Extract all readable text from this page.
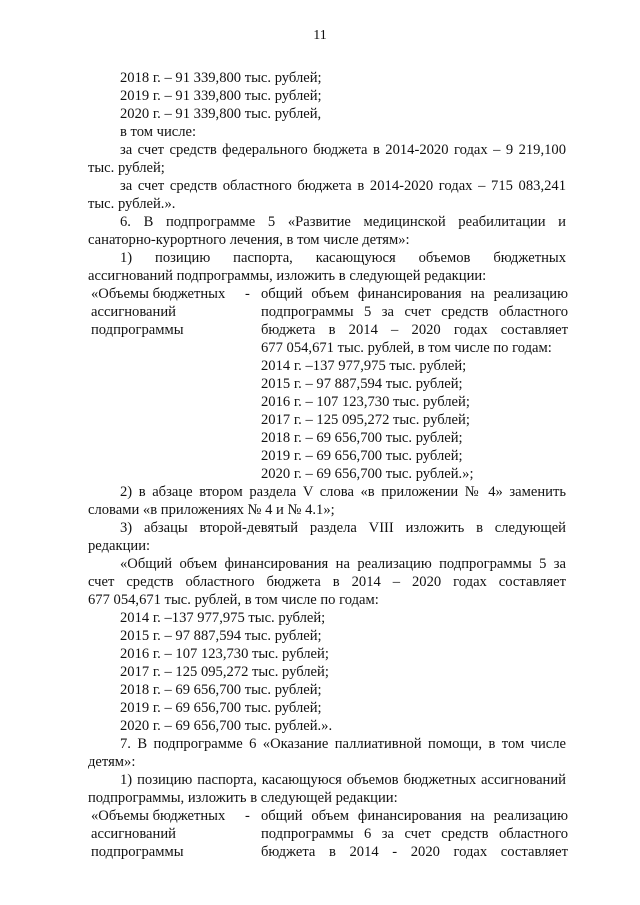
11
2018 г. – 91 339,800 тыс. рублей;
2019 г. – 91 339,800 тыс. рублей;
2020 г. – 91 339,800 тыс. рублей,
в том числе:
за счет средств федерального бюджета в 2014-2020 годах – 9 219,100
тыс. рублей;
за счет средств областного бюджета в 2014-2020 годах – 715 083,241
тыс. рублей.».
6. В подпрограмме 5 «Развитие медицинской реабилитации и
санаторно-курортного лечения, в том числе детям»:
1) позицию паспорта, касающуюся объемов бюджетных
ассигнований подпрограммы, изложить в следующей редакции:
«Объемы бюджетных
ассигнований
подпрограммы
- общий объем финансирования на реализацию
подпрограммы 5 за счет средств областного
бюджета в 2014 – 2020 годах составляет
677 054,671 тыс. рублей, в том числе по годам:
2014 г. –137 977,975 тыс. рублей;
2015 г. – 97 887,594 тыс. рублей;
2016 г. – 107 123,730 тыс. рублей;
2017 г. – 125 095,272 тыс. рублей;
2018 г. – 69 656,700 тыс. рублей;
2019 г. – 69 656,700 тыс. рублей;
2020 г. – 69 656,700 тыс. рублей.»;
2) в абзаце втором раздела V слова «в приложении № 4» заменить
словами «в приложениях № 4 и № 4.1»;
3) абзацы второй-девятый раздела VIII изложить в следующей
редакции:
«Общий объем финансирования на реализацию подпрограммы 5 за
счет средств областного бюджета в 2014 – 2020 годах составляет
677 054,671 тыс. рублей, в том числе по годам:
2014 г. –137 977,975 тыс. рублей;
2015 г. – 97 887,594 тыс. рублей;
2016 г. – 107 123,730 тыс. рублей;
2017 г. – 125 095,272 тыс. рублей;
2018 г. – 69 656,700 тыс. рублей;
2019 г. – 69 656,700 тыс. рублей;
2020 г. – 69 656,700 тыс. рублей.».
7. В подпрограмме 6 «Оказание паллиативной помощи, в том числе
детям»:
1) позицию паспорта, касающуюся объемов бюджетных ассигнований
подпрограммы, изложить в следующей редакции:
«Объемы бюджетных
ассигнований
подпрограммы
- общий объем финансирования на реализацию
подпрограммы 6 за счет средств областного
бюджета в 2014 - 2020 годах составляет
